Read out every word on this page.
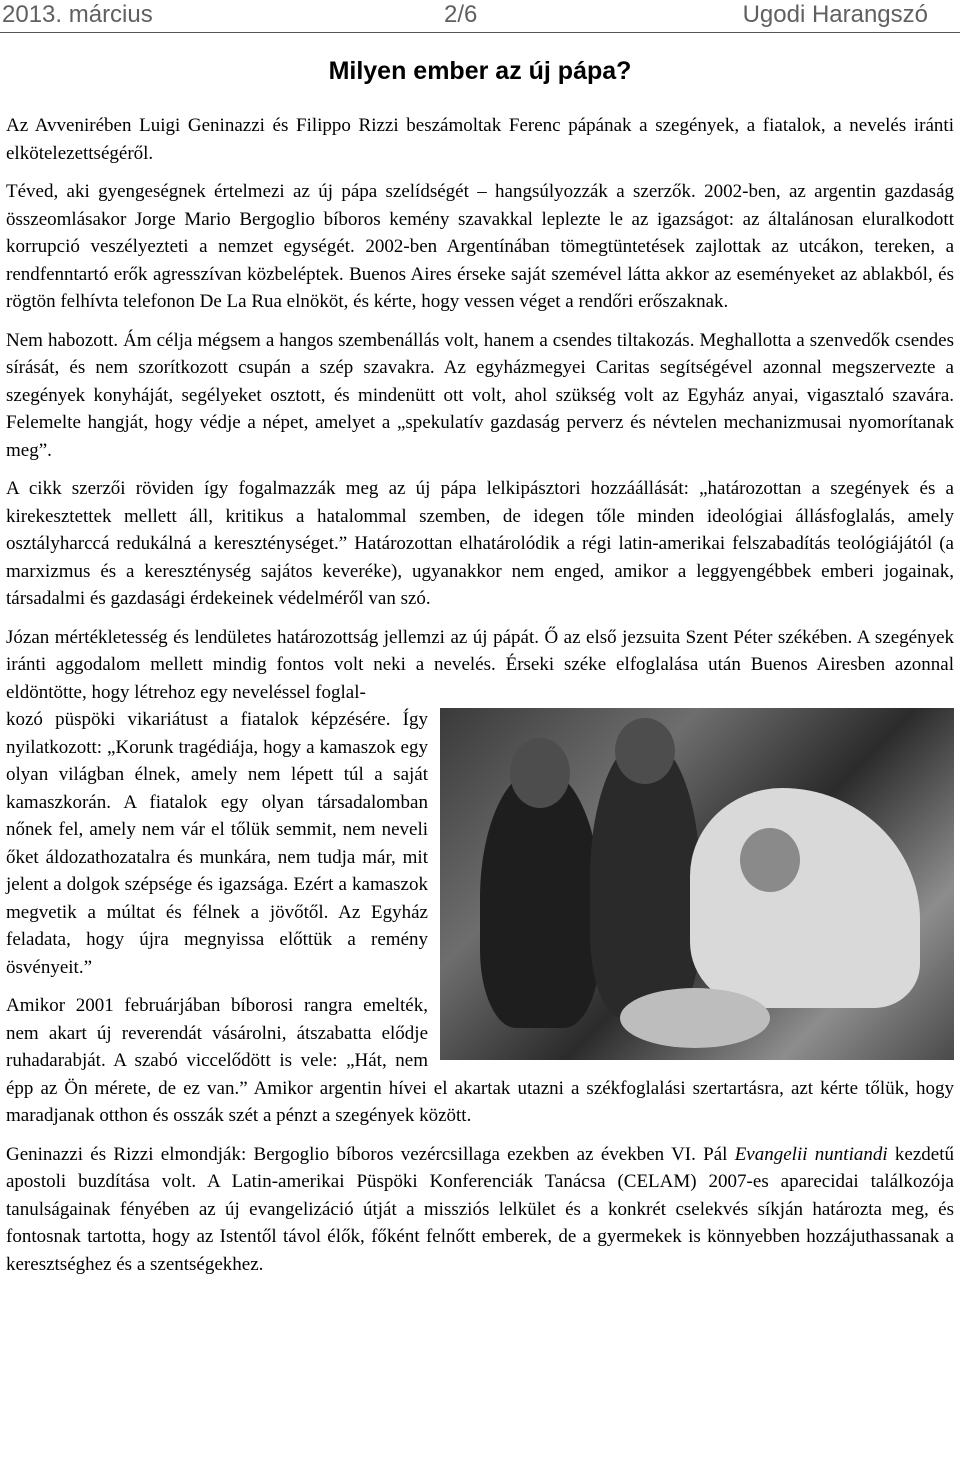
2013. március	2/6	Ugodi Harangszó
Milyen ember az új pápa?

Az Avvenirében Luigi Geninazzi és Filippo Rizzi beszámoltak Ferenc pápának a szegények, a fiatalok, a nevelés iránti elkötelezettségéről.

Téved, aki gyengeségnek értelmezi az új pápa szelídségét – hangsúlyozzák a szerzők. 2002-ben, az argentin gazdaság összeomlásakor Jorge Mario Bergoglio bíboros kemény szavakkal leplezte le az igazságot: az általánosan eluralkodott korrupció veszélyezteti a nemzet egységét. 2002-ben Argentínában tömegtüntetések zajlottak az utcákon, tereken, a rendfenntartó erők agresszívan közbeléptek. Buenos Aires érseke saját szemével látta akkor az eseményeket az ablakból, és rögtön felhívta telefonon De La Rua elnököt, és kérte, hogy vessen véget a rendőri erőszaknak.

Nem habozott. Ám célja mégsem a hangos szembenállás volt, hanem a csendes tiltakozás. Meghallotta a szenvedők csendes sírását, és nem szorítkozott csupán a szép szavakra. Az egyházmegyei Caritas segítségével azonnal megszervezte a szegények konyháját, segélyeket osztott, és mindenütt ott volt, ahol szükség volt az Egyház anyai, vigasztaló szavára. Felemelte hangját, hogy védje a népet, amelyet a „spekulatív gazdaság perverz és névtelen mechanizmusai nyomorítanak meg”.

A cikk szerzői röviden így fogalmazzák meg az új pápa lelkipásztori hozzáállását: „határozottan a szegények és a kirekesztettek mellett áll, kritikus a hatalommal szemben, de idegen tőle minden ideológiai állásfoglalás, amely osztályharccá redukálná a kereszténységet.” Határozottan elhatárolódik a régi latin-amerikai felszabadítás teológiájától (a marxizmus és a kereszténység sajátos keveréke), ugyanakkor nem enged, amikor a leggyengébbek emberi jogainak, társadalmi és gazdasági érdekeinek védelméről van szó.

Józan mértékletesség és lendületes határozottság jellemzi az új pápát. Ő az első jezsuita Szent Péter székében. A szegények iránti aggodalom mellett mindig fontos volt neki a nevelés. Érseki széke elfoglalása után Buenos Airesben azonnal eldöntötte, hogy létrehoz egy neveléssel foglal-

kozó püspöki vikariátust a fiatalok képzésére. Így nyilatkozott: „Korunk tragédiája, hogy a kamaszok egy olyan világban élnek, amely nem lépett túl a saját kamaszkorán. A fiatalok egy olyan társadalomban nőnek fel, amely nem vár el tőlük semmit, nem neveli őket áldozathozatalra és munkára, nem tudja már, mit jelent a dolgok szépsége és igazsága. Ezért a kamaszok megvetik a múltat és félnek a jövőtől. Az Egyház feladata, hogy újra megnyissa előttük a remény ösvényeit.”

Amikor 2001 februárjában bíborosi rangra emelték, nem akart új reverendát vásárolni, átszabatta elődje ruhadarabját. A szabó viccelődött is vele: „Hát, nem épp az Ön mérete, de ez van.” Amikor argentin hívei el akartak utazni a székfoglalási szertartásra, azt kérte tőlük, hogy maradjanak otthon és osszák szét a pénzt a szegények között.

Geninazzi és Rizzi elmondják: Bergoglio bíboros vezércsillaga ezekben az években VI. Pál Evangelii nuntiandi kezdetű apostoli buzdítása volt. A Latin-amerikai Püspöki Konferenciák Tanácsa (CELAM) 2007-es aparecidai találkozója tanulságainak fényében az új evangelizáció útját a missziós lelkület és a konkrét cselekvés síkján határozta meg, és fontosnak tartotta, hogy az Istentől távol élők, főként felnőtt emberek, de a gyermekek is könnyebben hozzájuthassanak a keresztséghez és a szentségekhez.
